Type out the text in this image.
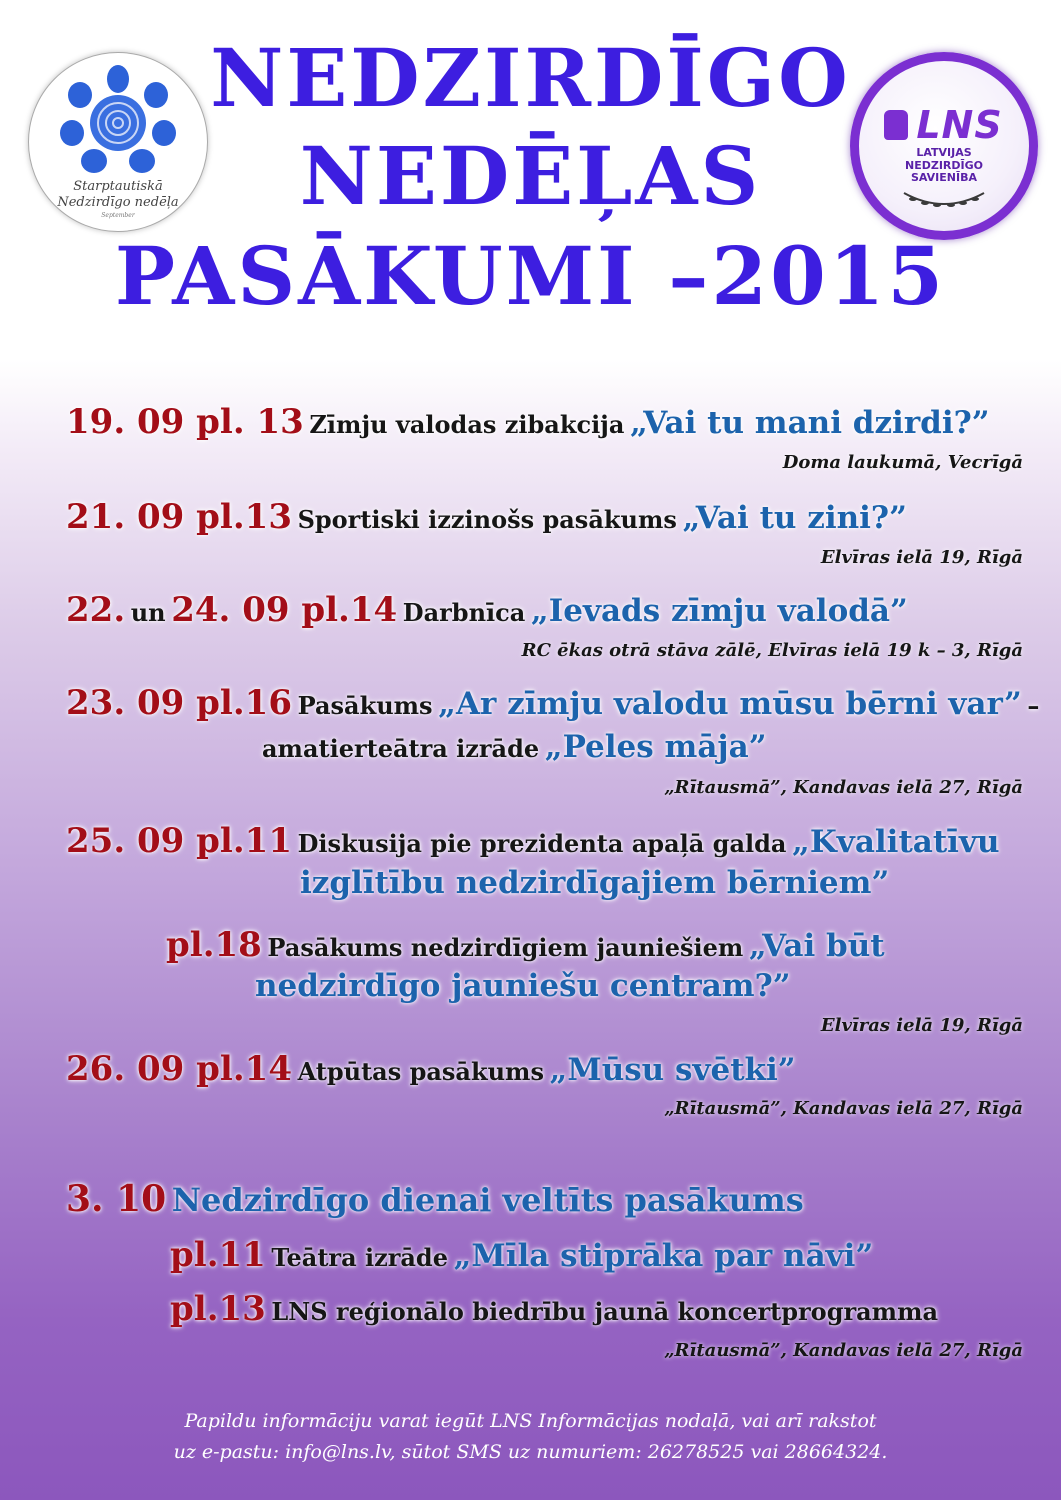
Starptautiskā
Nedzirdīgo nedēļa
September
LNS
LATVIJAS
NEDZIRDĪGO
SAVIENĪBA
NEDZIRDĪGO
NEDĒĻAS
PASĀKUMI –2015
19. 09 pl. 13 Zīmju valodas zibakcija „Vai tu mani dzirdi?”
Doma laukumā, Vecrīgā
21. 09 pl.13 Sportiski izzinošs pasākums „Vai tu zini?”
Elvīras ielā 19, Rīgā
22. un 24. 09 pl.14 Darbnīca „Ievads zīmju valodā”
RC ēkas otrā stāva zālē, Elvīras ielā 19 k – 3, Rīgā
23. 09 pl.16 Pasākums „Ar zīmju valodu mūsu bērni var” –
amatierteātra izrāde „Peles māja”
„Rītausmā”, Kandavas ielā 27, Rīgā
25. 09 pl.11 Diskusija pie prezidenta apaļā galda „Kvalitatīvu
izglītību nedzirdīgajiem bērniem”
pl.18 Pasākums nedzirdīgiem jauniešiem „Vai būt
nedzirdīgo jauniešu centram?”
Elvīras ielā 19, Rīgā
26. 09 pl.14 Atpūtas pasākums „Mūsu svētki”
„Rītausmā”, Kandavas ielā 27, Rīgā
3. 10 Nedzirdīgo dienai veltīts pasākums
pl.11 Teātra izrāde „Mīla stiprāka par nāvi”
pl.13 LNS reģionālo biedrību jaunā koncertprogramma
„Rītausmā”, Kandavas ielā 27, Rīgā
Papildu informāciju varat iegūt LNS Informācijas nodaļā, vai arī rakstot
uz e-pastu: info@lns.lv, sūtot SMS uz numuriem: 26278525 vai 28664324.
